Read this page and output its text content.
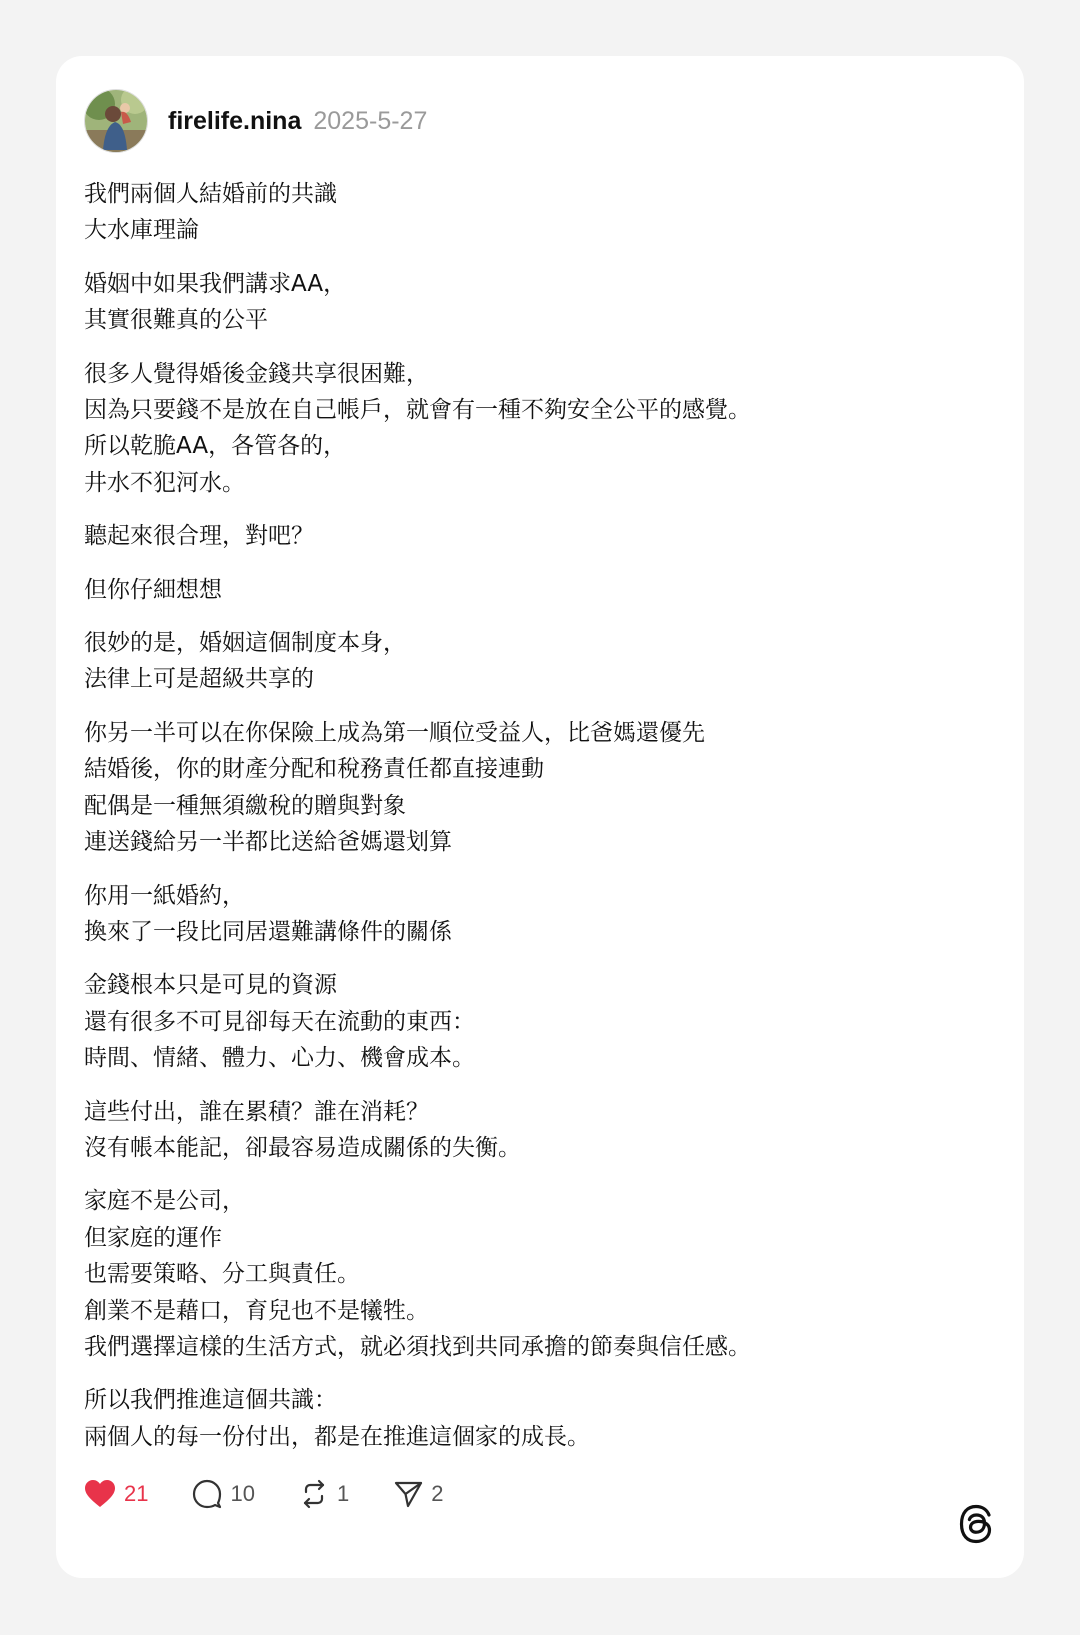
firelife.nina 2025-5-27
我們兩個人結婚前的共識
大水庫理論
婚姻中如果我們講求AA，
其實很難真的公平
很多人覺得婚後金錢共享很困難，
因為只要錢不是放在自己帳戶，就會有一種不夠安全公平的感覺。
所以乾脆AA，各管各的，
井水不犯河水。
聽起來很合理，對吧？
但你仔細想想
很妙的是，婚姻這個制度本身，
法律上可是超級共享的
你另一半可以在你保險上成為第一順位受益人，比爸媽還優先
結婚後，你的財產分配和稅務責任都直接連動
配偶是一種無須繳稅的贈與對象
連送錢給另一半都比送給爸媽還划算
你用一紙婚約，
換來了一段比同居還難講條件的關係
金錢根本只是可見的資源
還有很多不可見卻每天在流動的東西：
時間、情緒、體力、心力、機會成本。
這些付出，誰在累積？誰在消耗？
沒有帳本能記，卻最容易造成關係的失衡。
家庭不是公司，
但家庭的運作
也需要策略、分工與責任。
創業不是藉口，育兒也不是犧牲。
我們選擇這樣的生活方式，就必須找到共同承擔的節奏與信任感。
所以我們推進這個共識：
兩個人的每一份付出，都是在推進這個家的成長。
21	10	1	2
